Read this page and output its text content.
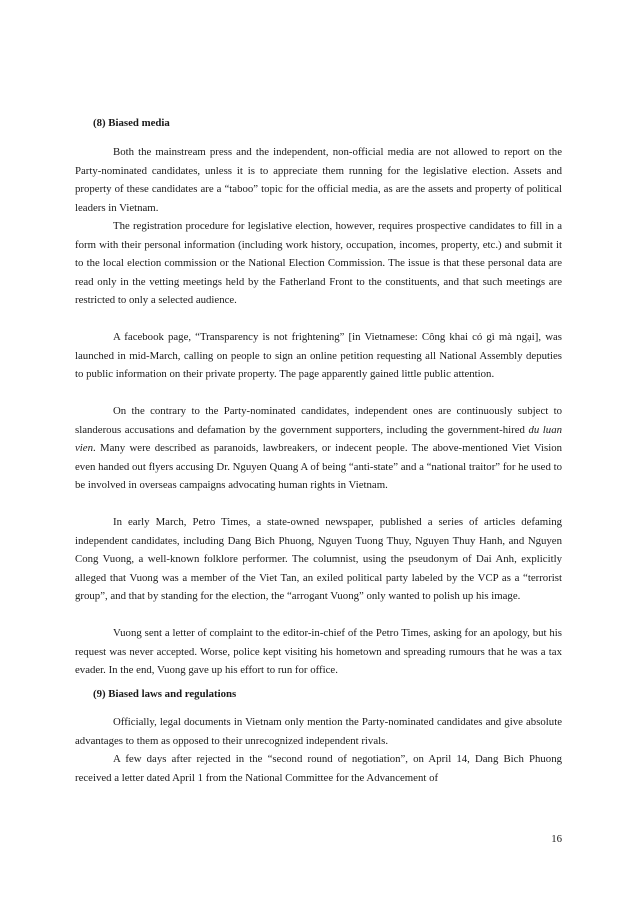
(8) Biased media

Both the mainstream press and the independent, non-official media are not allowed to report on the Party-nominated candidates, unless it is to appreciate them running for the legislative election. Assets and property of these candidates are a “taboo” topic for the official media, as are the assets and property of political leaders in Vietnam.

The registration procedure for legislative election, however, requires prospective candidates to fill in a form with their personal information (including work history, occupation, incomes, property, etc.) and submit it to the local election commission or the National Election Commission. The issue is that these personal data are read only in the vetting meetings held by the Fatherland Front to the constituents, and that such meetings are restricted to only a selected audience.

A facebook page, “Transparency is not frightening” [in Vietnamese: Công khai có gì mà ngại], was launched in mid-March, calling on people to sign an online petition requesting all National Assembly deputies to public information on their private property. The page apparently gained little public attention.

On the contrary to the Party-nominated candidates, independent ones are continuously subject to slanderous accusations and defamation by the government supporters, including the government-hired du luan vien. Many were described as paranoids, lawbreakers, or indecent people. The above-mentioned Viet Vision even handed out flyers accusing Dr. Nguyen Quang A of being “anti-state” and a “national traitor” for he used to be involved in overseas campaigns advocating human rights in Vietnam.

In early March, Petro Times, a state-owned newspaper, published a series of articles defaming independent candidates, including Dang Bich Phuong, Nguyen Tuong Thuy, Nguyen Thuy Hanh, and Nguyen Cong Vuong, a well-known folklore performer. The columnist, using the pseudonym of Dai Anh, explicitly alleged that Vuong was a member of the Viet Tan, an exiled political party labeled by the VCP as a “terrorist group”, and that by standing for the election, the “arrogant Vuong” only wanted to polish up his image.

Vuong sent a letter of complaint to the editor-in-chief of the Petro Times, asking for an apology, but his request was never accepted. Worse, police kept visiting his hometown and spreading rumours that he was a tax evader. In the end, Vuong gave up his effort to run for office.

(9) Biased laws and regulations

Officially, legal documents in Vietnam only mention the Party-nominated candidates and give absolute advantages to them as opposed to their unrecognized independent rivals.

A few days after rejected in the “second round of negotiation”, on April 14, Dang Bich Phuong received a letter dated April 1 from the National Committee for the Advancement of

16
